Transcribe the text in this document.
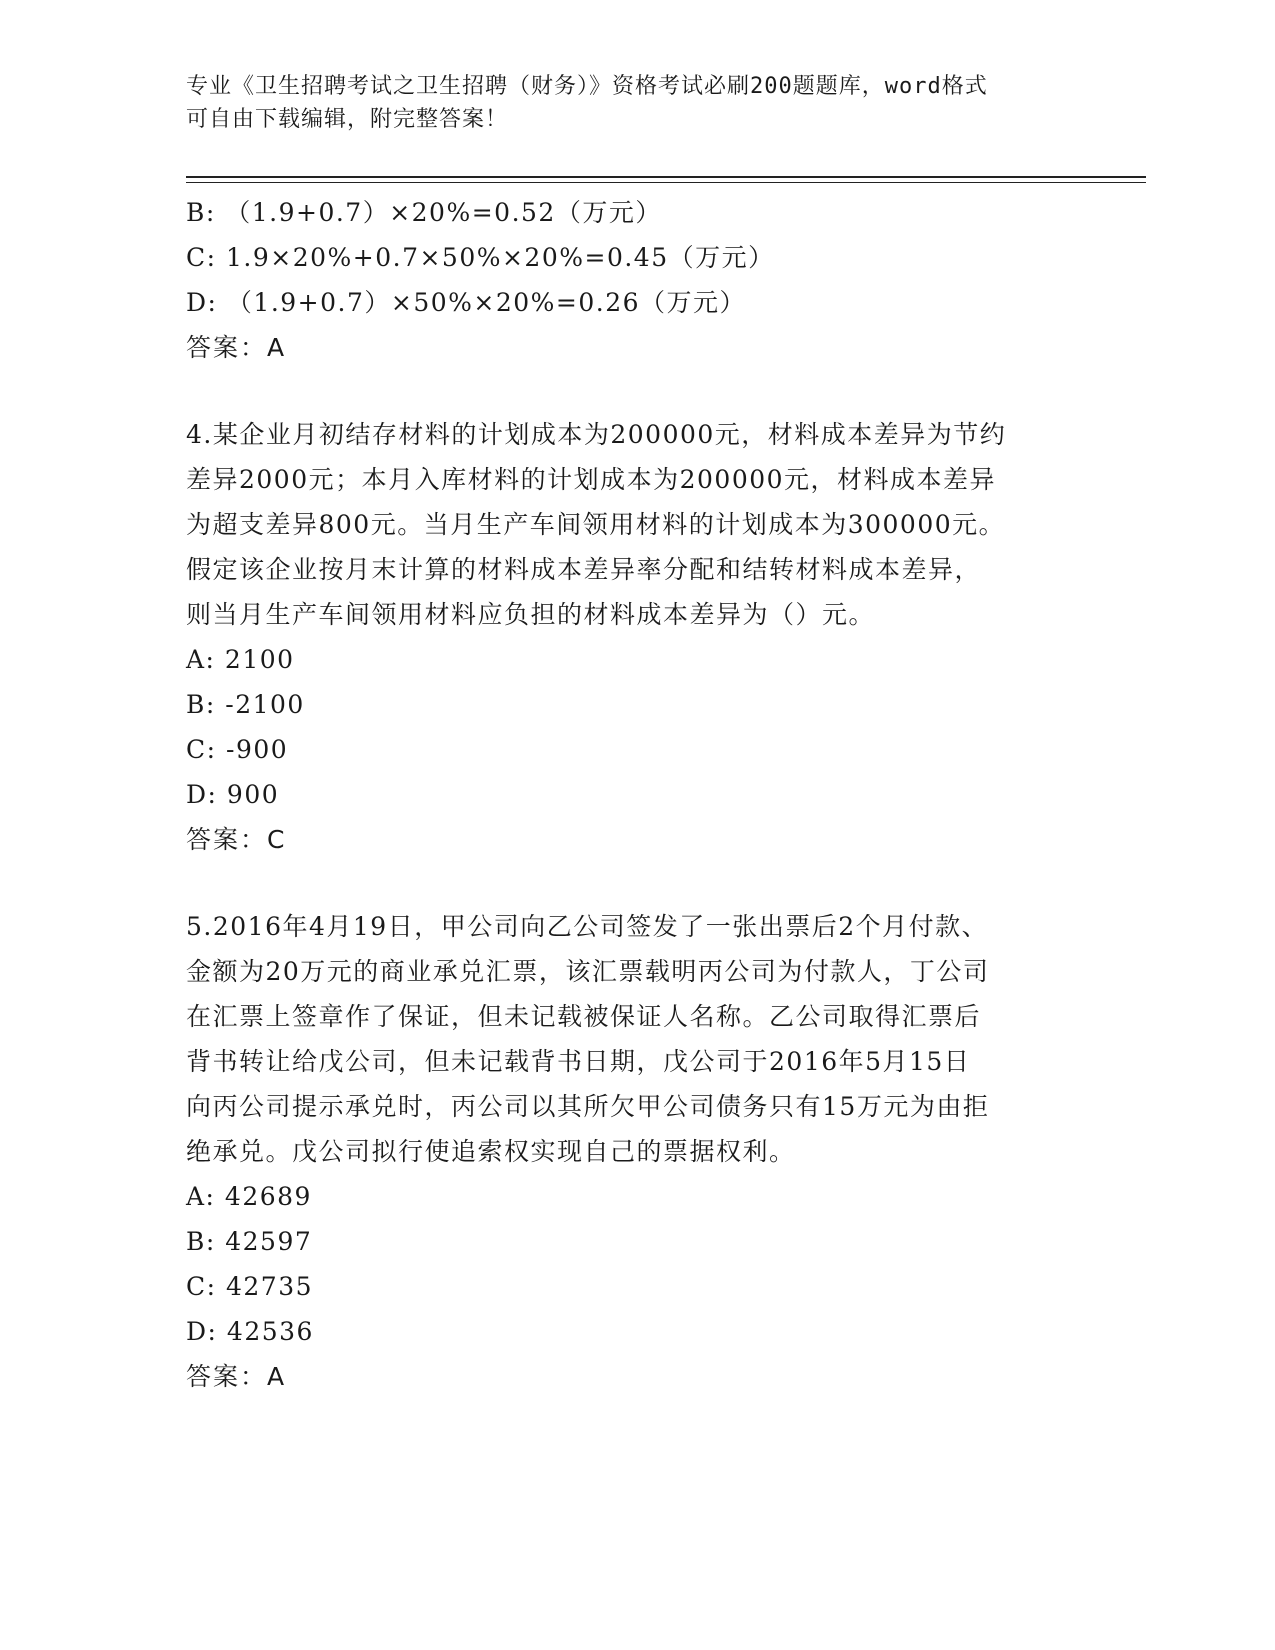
专业《卫生招聘考试之卫生招聘（财务）》资格考试必刷200题题库，word格式
可自由下载编辑，附完整答案！
B: （1.9+0.7）×20%=0.52（万元）
C: 1.9×20%+0.7×50%×20%=0.45（万元）
D: （1.9+0.7）×50%×20%=0.26（万元）
答案：A
4.某企业月初结存材料的计划成本为200000元，材料成本差异为节约
差异2000元；本月入库材料的计划成本为200000元，材料成本差异
为超支差异800元。当月生产车间领用材料的计划成本为300000元。
假定该企业按月末计算的材料成本差异率分配和结转材料成本差异，
则当月生产车间领用材料应负担的材料成本差异为（）元。
A: 2100
B: -2100
C: -900
D: 900
答案：C
5.2016年4月19日，甲公司向乙公司签发了一张出票后2个月付款、
金额为20万元的商业承兑汇票，该汇票载明丙公司为付款人，丁公司
在汇票上签章作了保证，但未记载被保证人名称。乙公司取得汇票后
背书转让给戊公司，但未记载背书日期，戊公司于2016年5月15日
向丙公司提示承兑时，丙公司以其所欠甲公司债务只有15万元为由拒
绝承兑。戊公司拟行使追索权实现自己的票据权利。
A: 42689
B: 42597
C: 42735
D: 42536
答案：A
